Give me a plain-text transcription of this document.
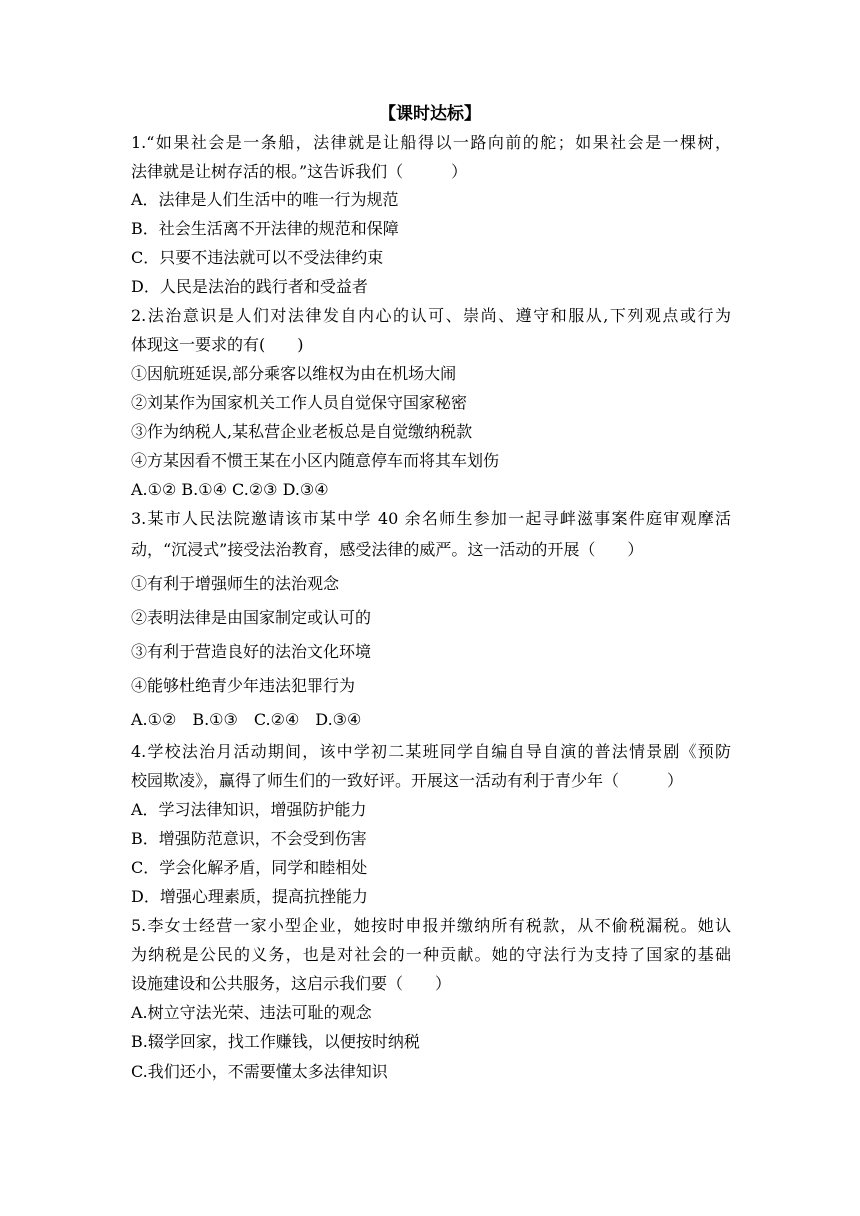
【课时达标】
1.“如果社会是一条船，法律就是让船得以一路向前的舵；如果社会是一棵树，
法律就是让树存活的根。”这告诉我们（　　　）
A．法律是人们生活中的唯一行为规范
B．社会生活离不开法律的规范和保障
C．只要不违法就可以不受法律约束
D．人民是法治的践行者和受益者
2.法治意识是人们对法律发自内心的认可、崇尚、遵守和服从,下列观点或行为
体现这一要求的有(　　)
①因航班延误,部分乘客以维权为由在机场大闹
②刘某作为国家机关工作人员自觉保守国家秘密
③作为纳税人,某私营企业老板总是自觉缴纳税款
④方某因看不惯王某在小区内随意停车而将其车划伤
A.①② B.①④ C.②③ D.③④
3.某市人民法院邀请该市某中学 40 余名师生参加一起寻衅滋事案件庭审观摩活
动，“沉浸式”接受法治教育，感受法律的威严。这一活动的开展（　　）
①有利于增强师生的法治观念
②表明法律是由国家制定或认可的
③有利于营造良好的法治文化环境
④能够杜绝青少年违法犯罪行为
A.①②　B.①③　C.②④　D.③④
4.学校法治月活动期间，该中学初二某班同学自编自导自演的普法情景剧《预防
校园欺凌》，赢得了师生们的一致好评。开展这一活动有利于青少年（　　　）
A．学习法律知识，增强防护能力
B．增强防范意识，不会受到伤害
C．学会化解矛盾，同学和睦相处
D．增强心理素质，提高抗挫能力
5.李女士经营一家小型企业，她按时申报并缴纳所有税款，从不偷税漏税。她认
为纳税是公民的义务，也是对社会的一种贡献。她的守法行为支持了国家的基础
设施建设和公共服务，这启示我们要（　　）
A.树立守法光荣、违法可耻的观念
B.辍学回家，找工作赚钱，以便按时纳税
C.我们还小，不需要懂太多法律知识
